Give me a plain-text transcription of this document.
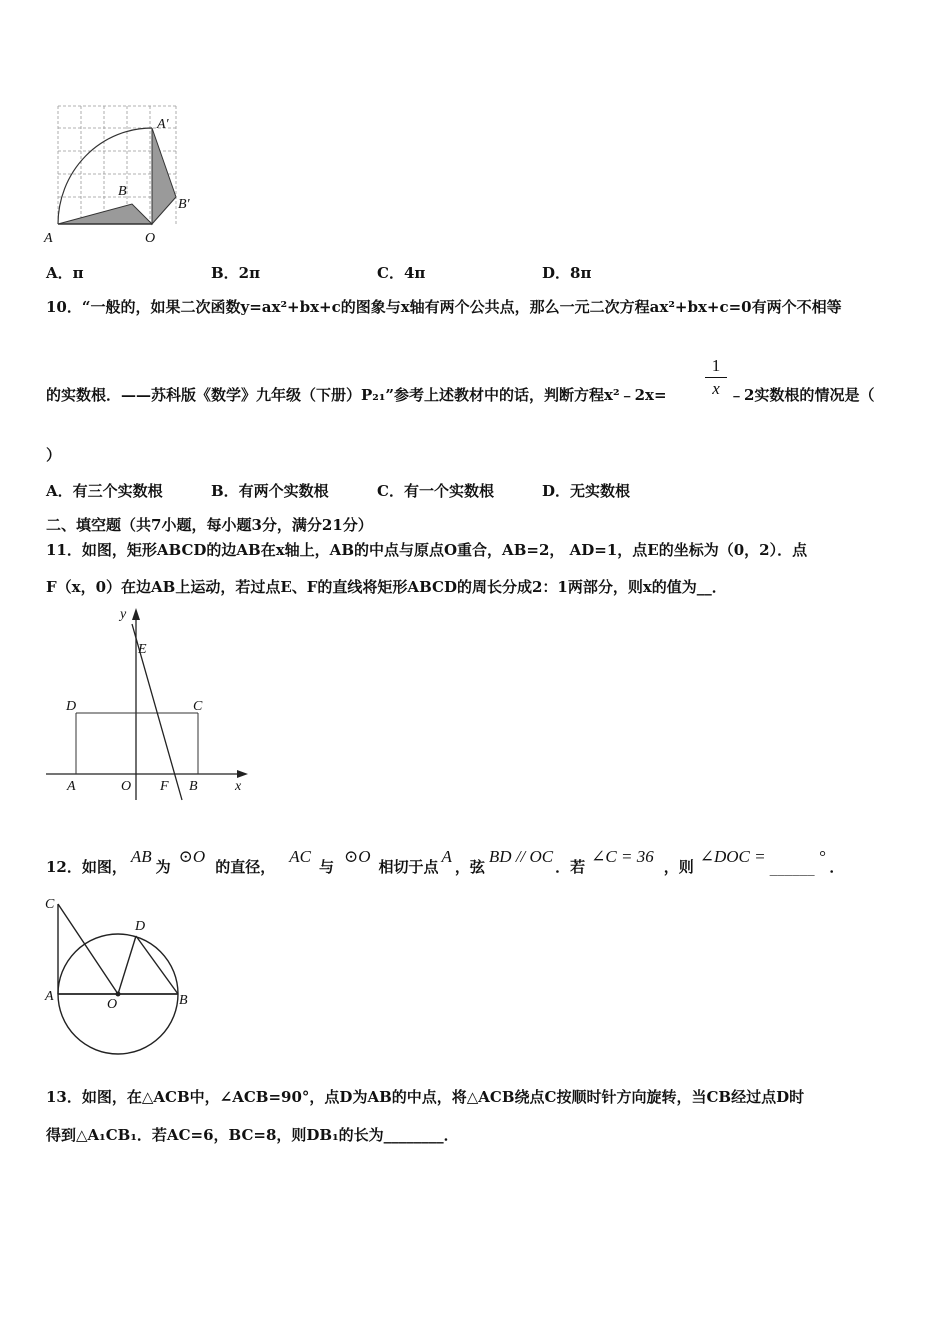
A	O
B
A′
B′
A．π	B．2π	C．4π	D．8π
10．“一般的，如果二次函数y=ax²+bx+c的图象与x轴有两个公共点，那么一元二次方程ax²+bx+c=0有两个不相等
的实数根．——苏科版《数学》九年级（下册）P₂₁”参考上述教材中的话，判断方程x²﹣2x=
1
x ﹣2实数根的情况是（
）
A．有三个实数根	B．有两个实数根	C．有一个实数根	D．无实数根
二、填空题（共7小题，每小题3分，满分21分）
11．如图，矩形ABCD的边AB在x轴上，AB的中点与原点O重合，AB=2， AD=1，点E的坐标为（0，2）．点
F（x，0）在边AB上运动，若过点E、F的直线将矩形ABCD的周长分成2：1两部分，则x的值为__．
y
E
D	C
A	O F B	x
12．如图，AB为⊙O的直径，AC与⊙O相切于点A，弦BD // OC．若∠C = 36，则∠DOC =______°．
C
D
A
O	B
13．如图，在△ACB中，∠ACB=90°，点D为AB的中点，将△ACB绕点C按顺时针方向旋转，当CB经过点D时
得到△A₁CB₁．若AC=6，BC=8，则DB₁的长为________．
